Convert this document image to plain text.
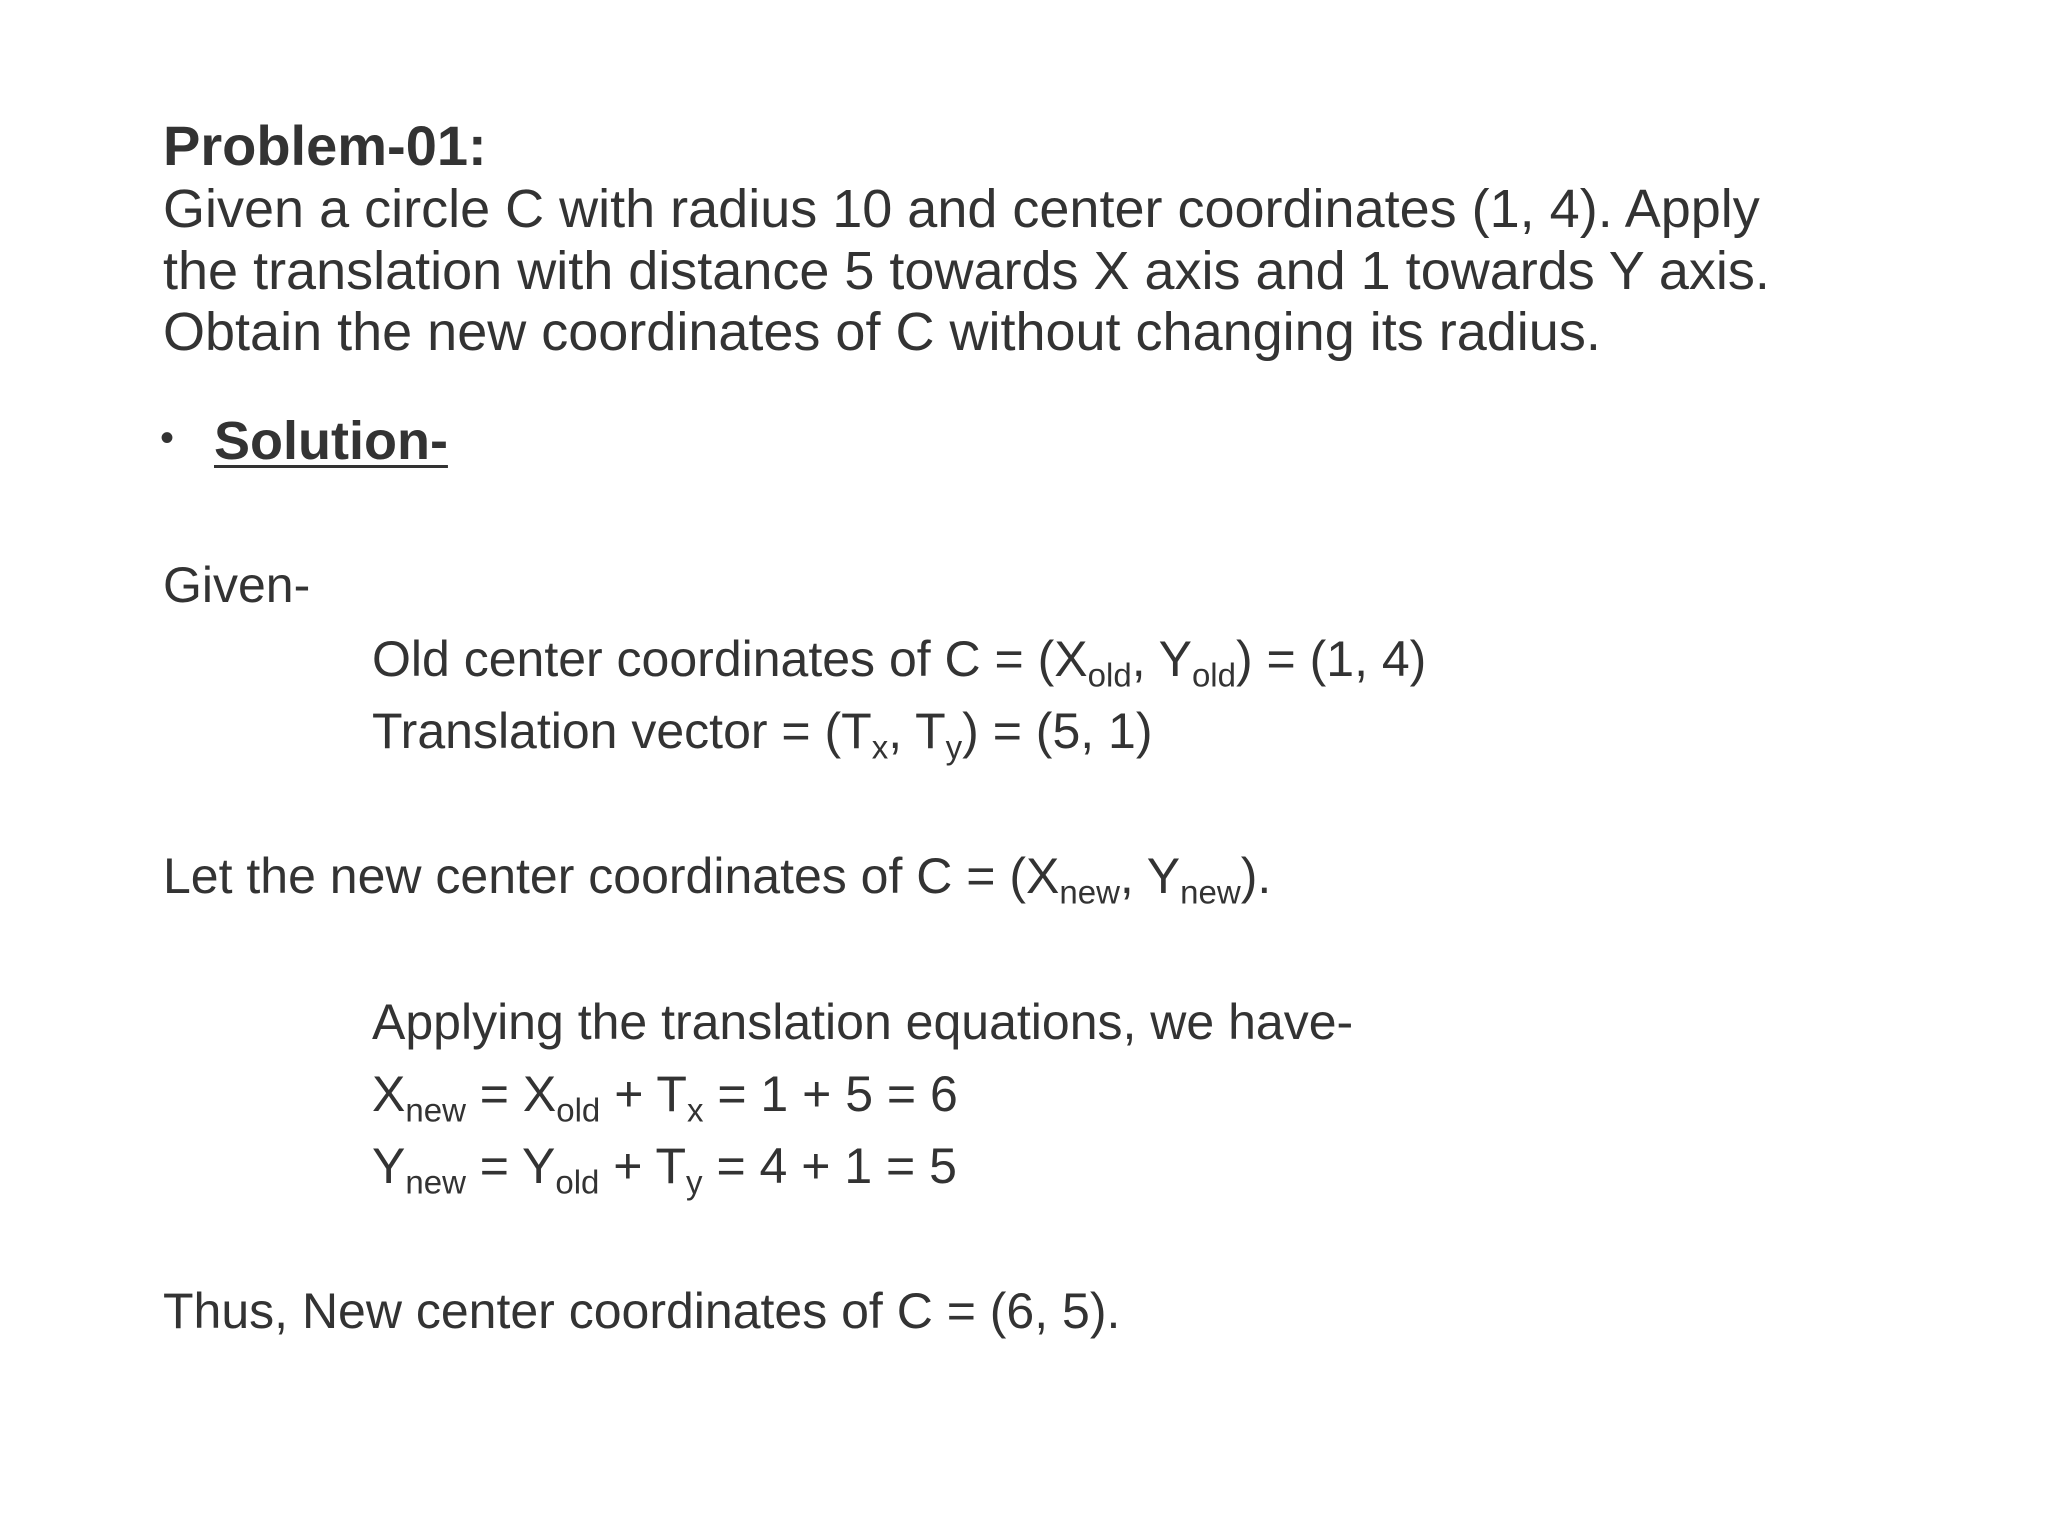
Problem-01:
Given a circle C with radius 10 and center coordinates (1, 4). Apply
the translation with distance 5 towards X axis and 1 towards Y axis.
Obtain the new coordinates of C without changing its radius.
• Solution-
Given-
Old center coordinates of $C = (X_{old}$, $Y_{old}) = (1$, 4)
Translation vector = ($T_x$, $T_y) = (5$, 1)
Let the new center coordinates of $C = (X_{new}$, $Y_{new}$).
Applying the translation equations, we have-
$X_{new} = X_{old} + T_x = 1 + 5 = 6$
$Y_{new} = Y_{old} + T_y = 4 + 1 = 5$
Thus, New center coordinates of C = (6, 5).
